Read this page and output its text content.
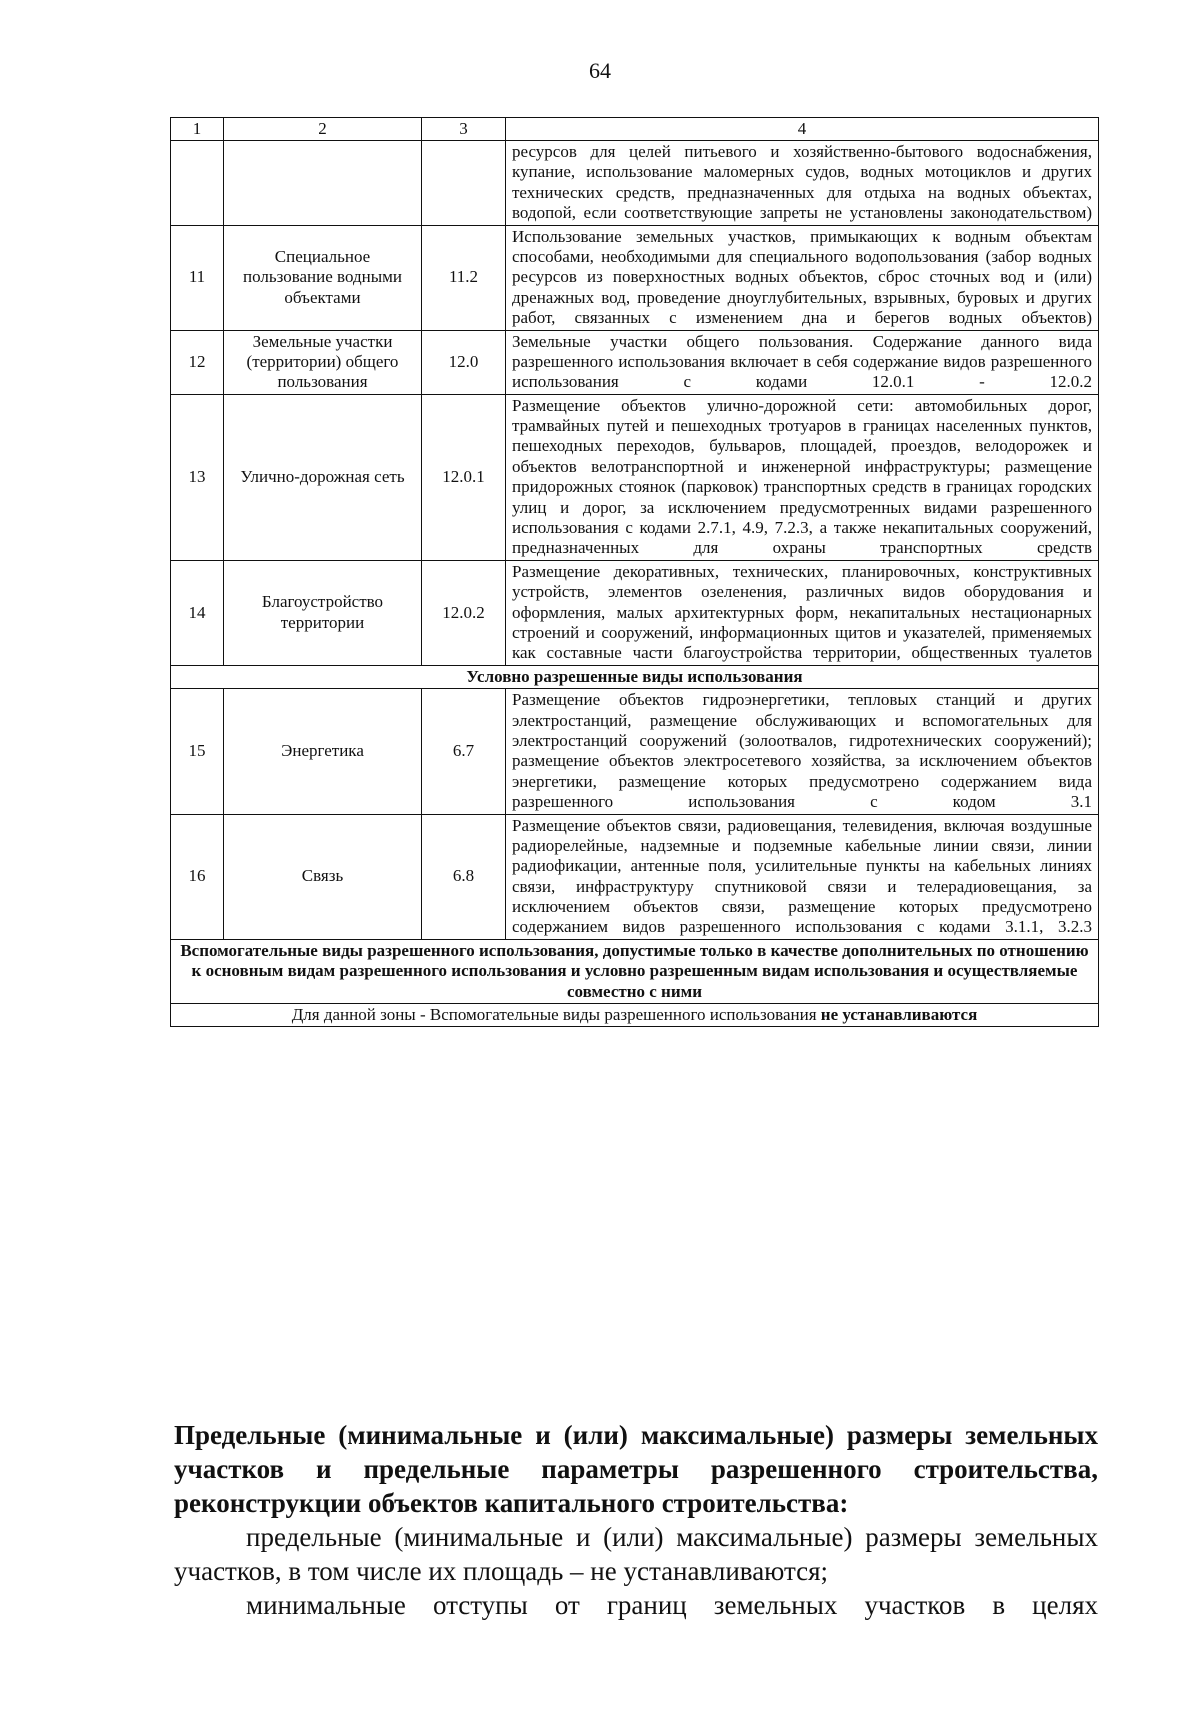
64
1	2	3	4
			ресурсов для целей питьевого и хозяйственно-бытового водоснабжения, купание, использование маломерных судов, водных мотоциклов и других технических средств, предназначенных для отдыха на водных объектах, водопой, если соответствующие запреты не установлены законодательством)
11	Специальное пользование водными объектами	11.2	Использование земельных участков, примыкающих к водным объектам способами, необходимыми для специального водопользования (забор водных ресурсов из поверхностных водных объектов, сброс сточных вод и (или) дренажных вод, проведение дноуглубительных, взрывных, буровых и других работ, связанных с изменением дна и берегов водных объектов)
12	Земельные участки (территории) общего пользования	12.0	Земельные участки общего пользования. Содержание данного вида разрешенного использования включает в себя содержание видов разрешенного использования с кодами 12.0.1 - 12.0.2
13	Улично-дорожная сеть	12.0.1	Размещение объектов улично-дорожной сети: автомобильных дорог, трамвайных путей и пешеходных тротуаров в границах населенных пунктов, пешеходных переходов, бульваров, площадей, проездов, велодорожек и объектов велотранспортной и инженерной инфраструктуры; размещение придорожных стоянок (парковок) транспортных средств в границах городских улиц и дорог, за исключением предусмотренных видами разрешенного использования с кодами 2.7.1, 4.9, 7.2.3, а также некапитальных сооружений, предназначенных для охраны транспортных средств
14	Благоустройство территории	12.0.2	Размещение декоративных, технических, планировочных, конструктивных устройств, элементов озеленения, различных видов оборудования и оформления, малых архитектурных форм, некапитальных нестационарных строений и сооружений, информационных щитов и указателей, применяемых как составные части благоустройства территории, общественных туалетов
Условно разрешенные виды использования			
15	Энергетика	6.7	Размещение объектов гидроэнергетики, тепловых станций и других электростанций, размещение обслуживающих и вспомогательных для электростанций сооружений (золоотвалов, гидротехнических сооружений); размещение объектов электросетевого хозяйства, за исключением объектов энергетики, размещение которых предусмотрено содержанием вида разрешенного использования с кодом 3.1
16	Связь	6.8	Размещение объектов связи, радиовещания, телевидения, включая воздушные радиорелейные, надземные и подземные кабельные линии связи, линии радиофикации, антенные поля, усилительные пункты на кабельных линиях связи, инфраструктуру спутниковой связи и телерадиовещания, за исключением объектов связи, размещение которых предусмотрено содержанием видов разрешенного использования с кодами 3.1.1, 3.2.3
Вспомогательные виды разрешенного использования, допустимые только в качестве дополнительных по отношению к основным видам разрешенного использования и условно разрешенным видам использования и осуществляемые совместно с ними			
Для данной зоны - Вспомогательные виды разрешенного использования не устанавливаются			
Предельные (минимальные и (или) максимальные) размеры земельных участков и предельные параметры разрешенного строительства, реконструкции объектов капитального строительства:
предельные (минимальные и (или) максимальные) размеры земельных участков, в том числе их площадь – не устанавливаются;
минимальные отступы от границ земельных участков в целях
